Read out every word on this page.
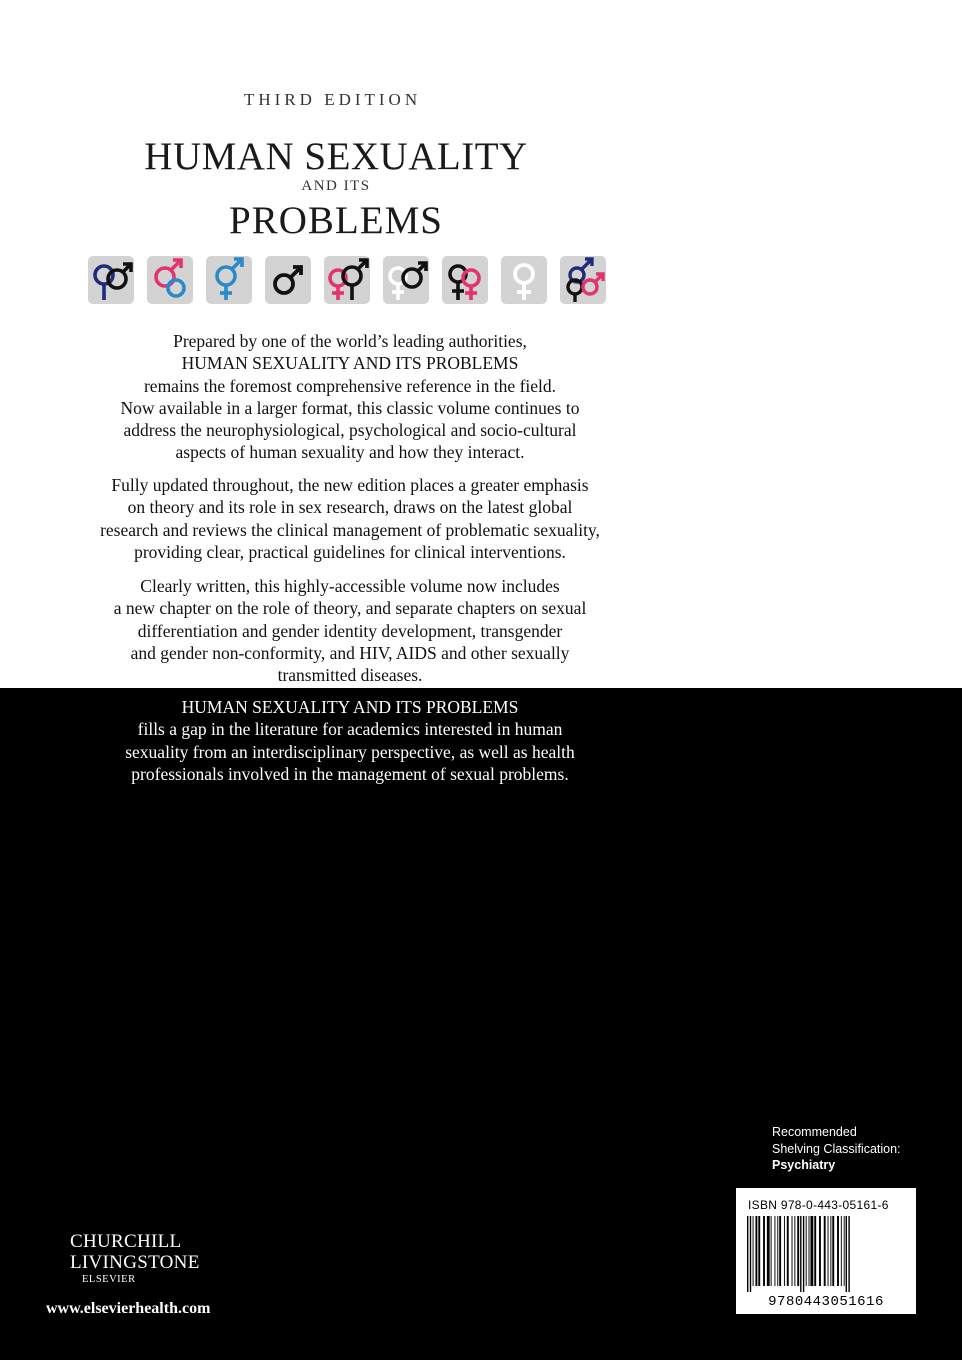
THIRD EDITION
HUMAN SEXUALITY
AND ITS
PROBLEMS
Prepared by one of the world’s leading authorities,
HUMAN SEXUALITY AND ITS PROBLEMS
remains the foremost comprehensive reference in the field.
Now available in a larger format, this classic volume continues to
address the neurophysiological, psychological and socio-cultural
aspects of human sexuality and how they interact.
Fully updated throughout, the new edition places a greater emphasis
on theory and its role in sex research, draws on the latest global
research and reviews the clinical management of problematic sexuality,
providing clear, practical guidelines for clinical interventions.
Clearly written, this highly-accessible volume now includes
a new chapter on the role of theory, and separate chapters on sexual
differentiation and gender identity development, transgender
and gender non-conformity, and HIV, AIDS and other sexually
transmitted diseases.
HUMAN SEXUALITY AND ITS PROBLEMS
fills a gap in the literature for academics interested in human
sexuality from an interdisciplinary perspective, as well as health
professionals involved in the management of sexual problems.
Recommended
Shelving Classification:
Psychiatry
CHURCHILL
LIVINGSTONE
ELSEVIER
www.elsevierhealth.com
ISBN 978-0-443-05161-6
9780443051616
